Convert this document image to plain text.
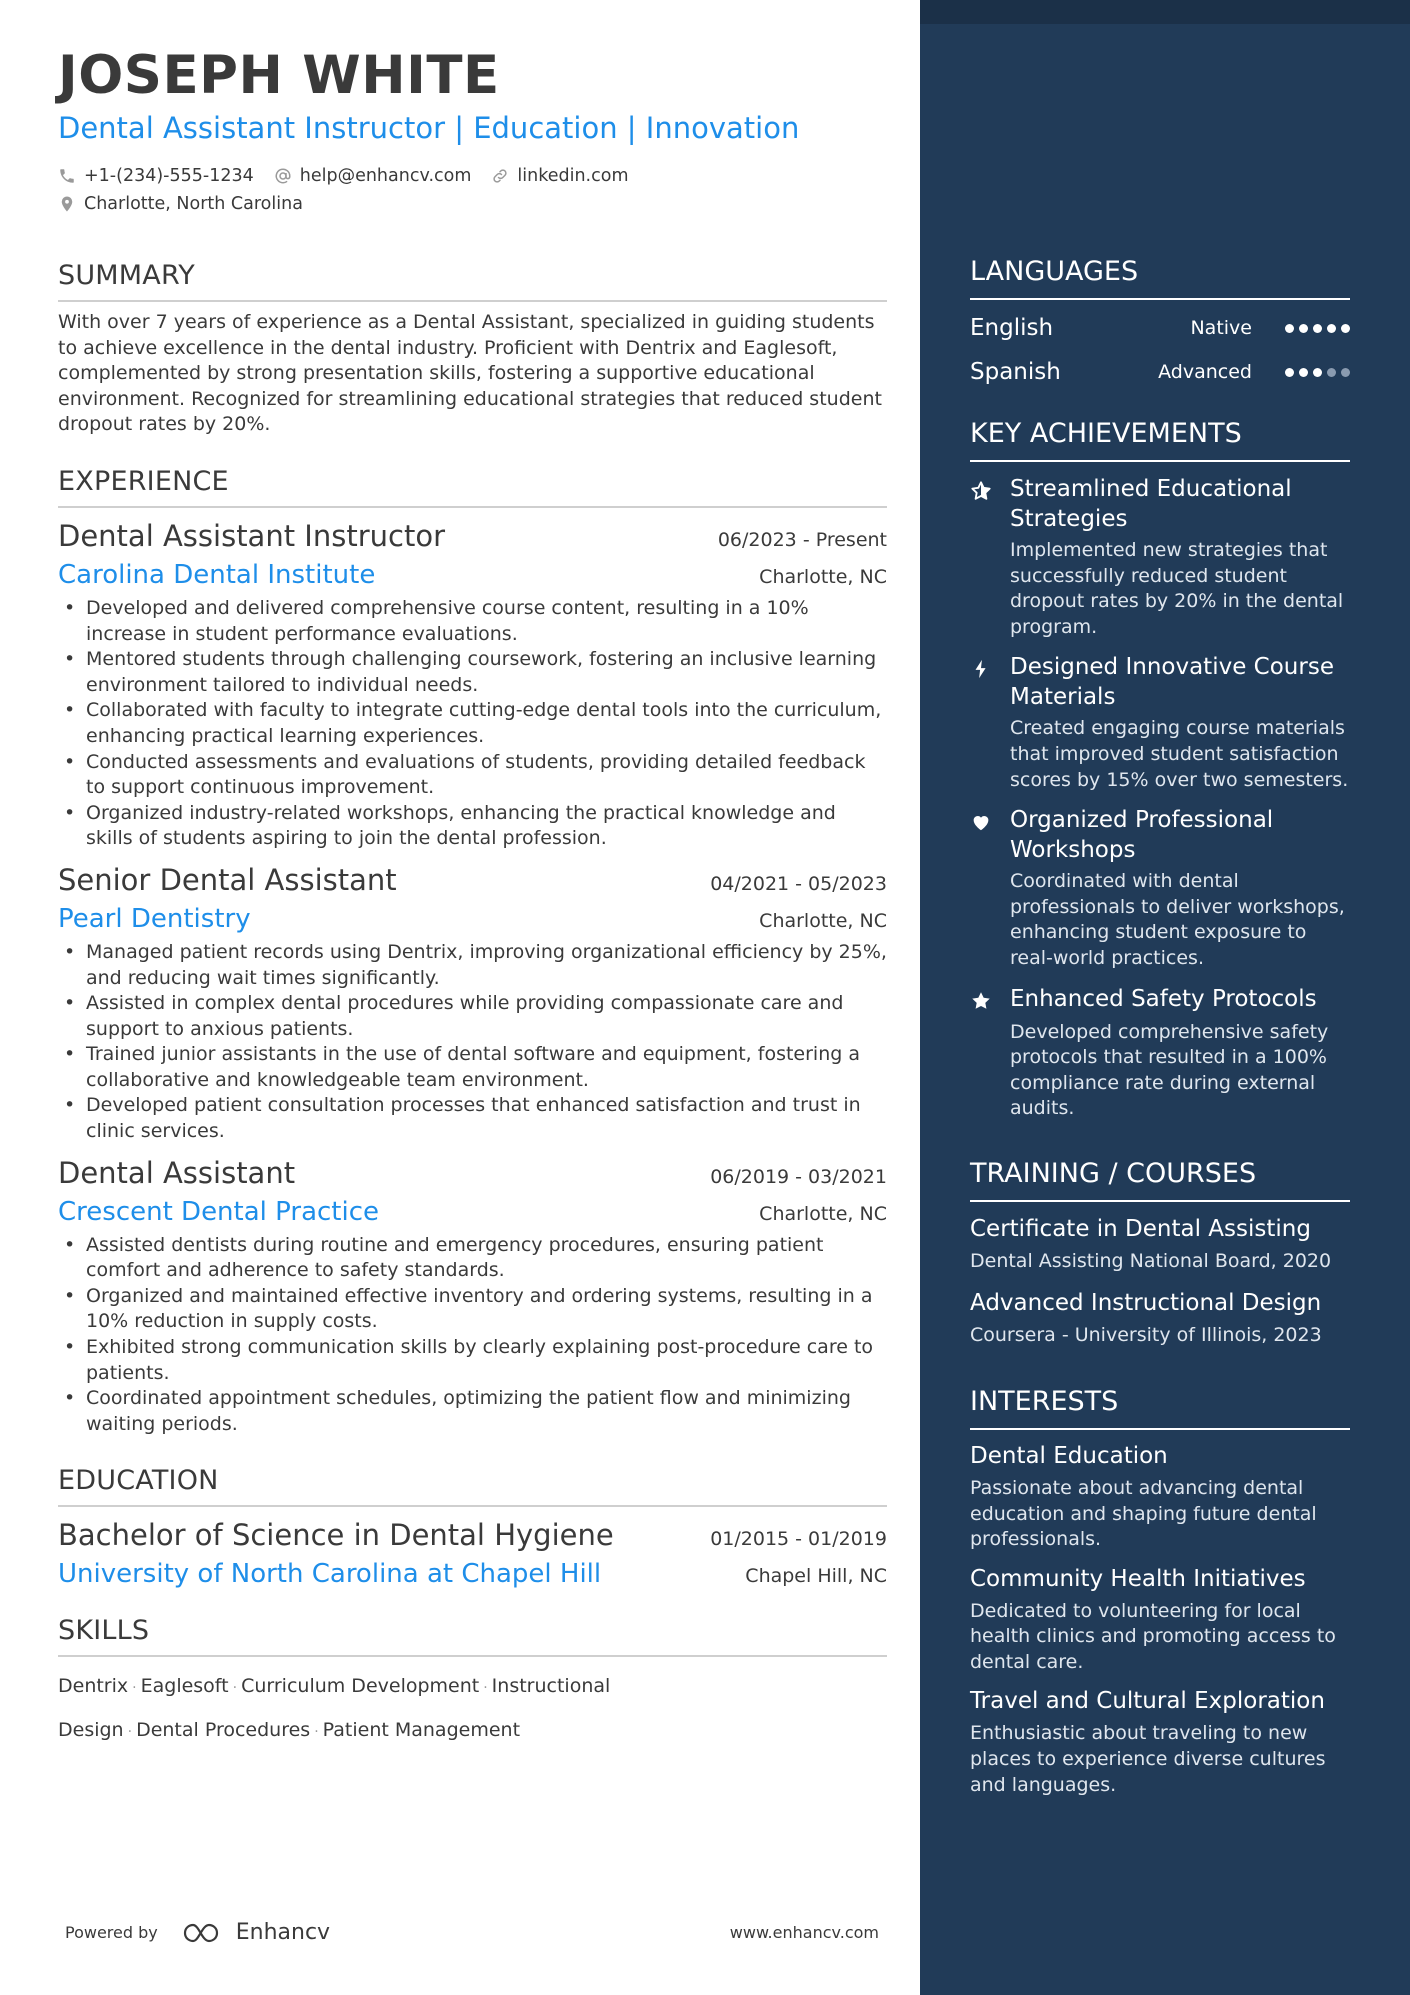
JOSEPH WHITE
Dental Assistant Instructor | Education | Innovation
+1-(234)-555-1234	help@enhancv.com	linkedin.com
Charlotte, North Carolina
SUMMARY
With over 7 years of experience as a Dental Assistant, specialized in guiding students to achieve excellence in the dental industry. Proficient with Dentrix and Eaglesoft, complemented by strong presentation skills, fostering a supportive educational environment. Recognized for streamlining educational strategies that reduced student dropout rates by 20%.
EXPERIENCE
Dental Assistant Instructor	06/2023 - Present
Carolina Dental Institute	Charlotte, NC
• Developed and delivered comprehensive course content, resulting in a 10% increase in student performance evaluations.
• Mentored students through challenging coursework, fostering an inclusive learning environment tailored to individual needs.
• Collaborated with faculty to integrate cutting-edge dental tools into the curriculum, enhancing practical learning experiences.
• Conducted assessments and evaluations of students, providing detailed feedback to support continuous improvement.
• Organized industry-related workshops, enhancing the practical knowledge and skills of students aspiring to join the dental profession.
Senior Dental Assistant	04/2021 - 05/2023
Pearl Dentistry	Charlotte, NC
• Managed patient records using Dentrix, improving organizational efficiency by 25%, and reducing wait times significantly.
• Assisted in complex dental procedures while providing compassionate care and support to anxious patients.
• Trained junior assistants in the use of dental software and equipment, fostering a collaborative and knowledgeable team environment.
• Developed patient consultation processes that enhanced satisfaction and trust in clinic services.
Dental Assistant	06/2019 - 03/2021
Crescent Dental Practice	Charlotte, NC
• Assisted dentists during routine and emergency procedures, ensuring patient comfort and adherence to safety standards.
• Organized and maintained effective inventory and ordering systems, resulting in a 10% reduction in supply costs.
• Exhibited strong communication skills by clearly explaining post-procedure care to patients.
• Coordinated appointment schedules, optimizing the patient flow and minimizing waiting periods.
EDUCATION
Bachelor of Science in Dental Hygiene	01/2015 - 01/2019
University of North Carolina at Chapel Hill	Chapel Hill, NC
SKILLS
Dentrix · Eaglesoft · Curriculum Development · Instructional Design · Dental Procedures · Patient Management
LANGUAGES
English	Native
Spanish	Advanced
KEY ACHIEVEMENTS
Streamlined Educational Strategies
Implemented new strategies that successfully reduced student dropout rates by 20% in the dental program.
Designed Innovative Course Materials
Created engaging course materials that improved student satisfaction scores by 15% over two semesters.
Organized Professional Workshops
Coordinated with dental professionals to deliver workshops, enhancing student exposure to real-world practices.
Enhanced Safety Protocols
Developed comprehensive safety protocols that resulted in a 100% compliance rate during external audits.
TRAINING / COURSES
Certificate in Dental Assisting
Dental Assisting National Board, 2020
Advanced Instructional Design
Coursera - University of Illinois, 2023
INTERESTS
Dental Education
Passionate about advancing dental education and shaping future dental professionals.
Community Health Initiatives
Dedicated to volunteering for local health clinics and promoting access to dental care.
Travel and Cultural Exploration
Enthusiastic about traveling to new places to experience diverse cultures and languages.
Powered by	Enhancv	www.enhancv.com
